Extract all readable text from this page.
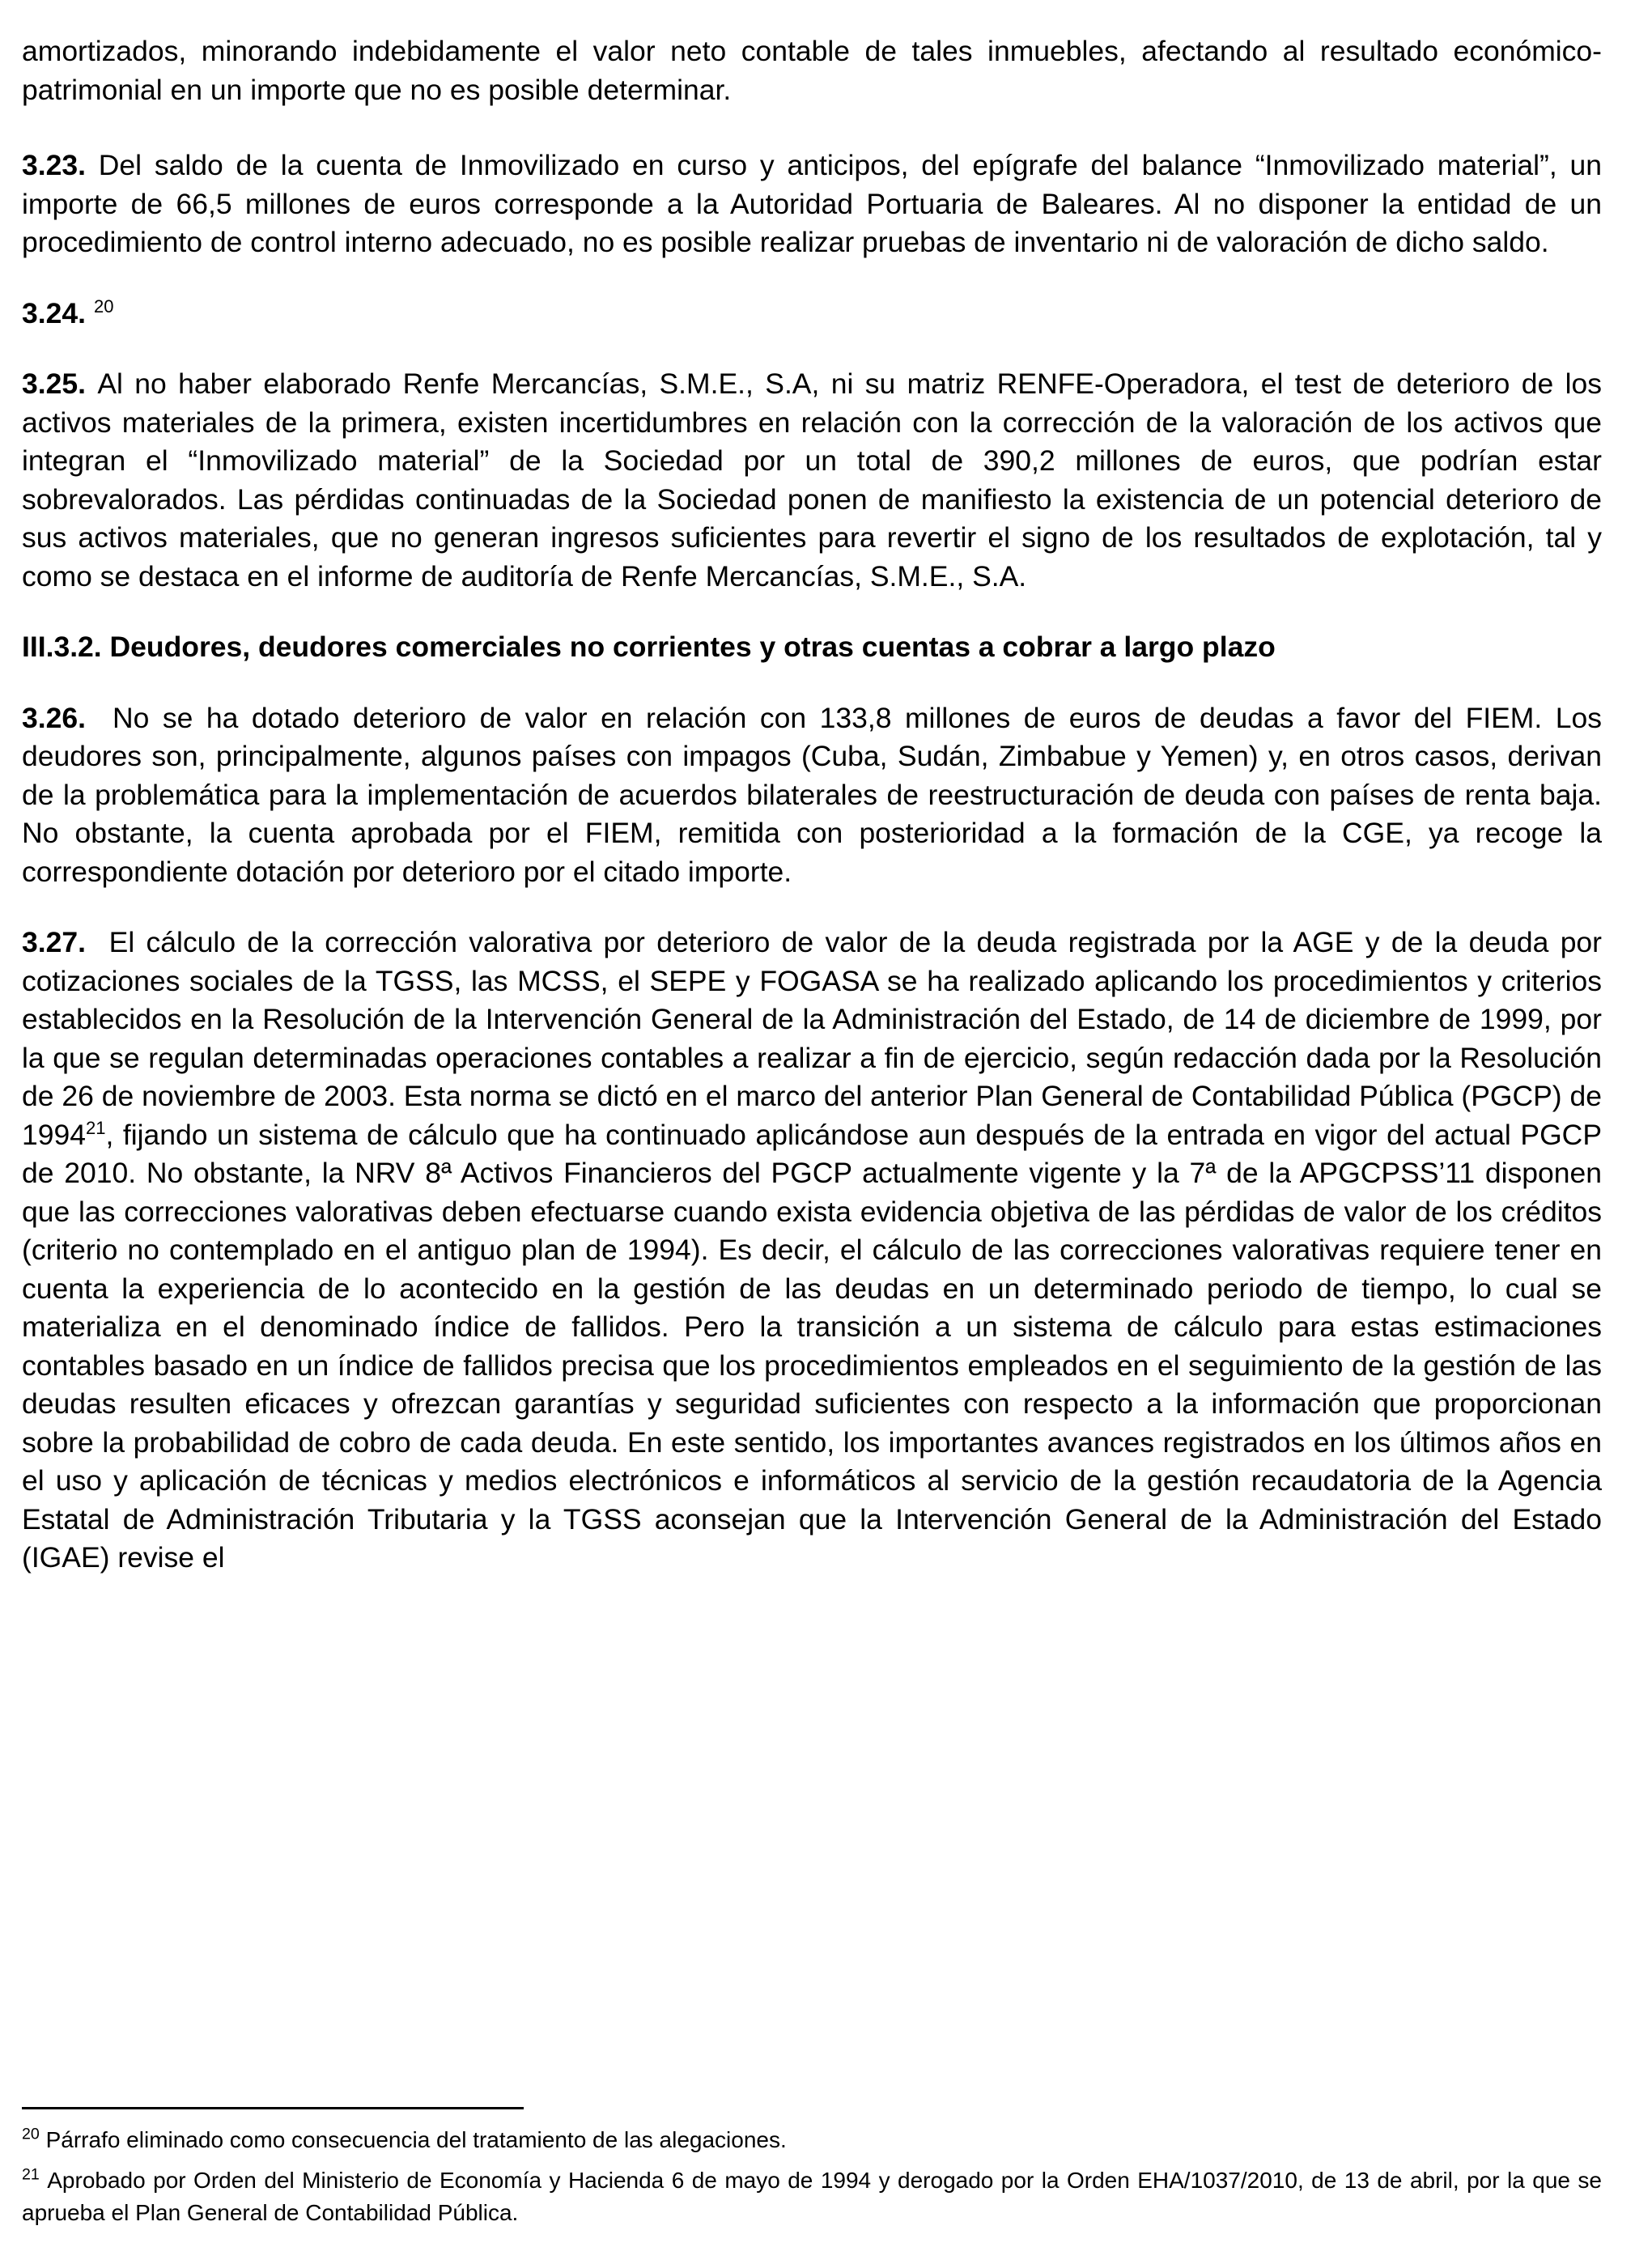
amortizados, minorando indebidamente el valor neto contable de tales inmuebles, afectando al resultado económico-patrimonial en un importe que no es posible determinar.

3.23. Del saldo de la cuenta de Inmovilizado en curso y anticipos, del epígrafe del balance “Inmovilizado material”, un importe de 66,5 millones de euros corresponde a la Autoridad Portuaria de Baleares. Al no disponer la entidad de un procedimiento de control interno adecuado, no es posible realizar pruebas de inventario ni de valoración de dicho saldo.

3.24. $^{20}$

3.25. Al no haber elaborado Renfe Mercancías, S.M.E., S.A, ni su matriz RENFE-Operadora, el test de deterioro de los activos materiales de la primera, existen incertidumbres en relación con la corrección de la valoración de los activos que integran el “Inmovilizado material” de la Sociedad por un total de 390,2 millones de euros, que podrían estar sobrevalorados. Las pérdidas continuadas de la Sociedad ponen de manifiesto la existencia de un potencial deterioro de sus activos materiales, que no generan ingresos suficientes para revertir el signo de los resultados de explotación, tal y como se destaca en el informe de auditoría de Renfe Mercancías, S.M.E., S.A.

III.3.2. Deudores, deudores comerciales no corrientes y otras cuentas a cobrar a largo plazo

3.26. No se ha dotado deterioro de valor en relación con 133,8 millones de euros de deudas a favor del FIEM. Los deudores son, principalmente, algunos países con impagos (Cuba, Sudán, Zimbabue y Yemen) y, en otros casos, derivan de la problemática para la implementación de acuerdos bilaterales de reestructuración de deuda con países de renta baja. No obstante, la cuenta aprobada por el FIEM, remitida con posterioridad a la formación de la CGE, ya recoge la correspondiente dotación por deterioro por el citado importe.

3.27. El cálculo de la corrección valorativa por deterioro de valor de la deuda registrada por la AGE y de la deuda por cotizaciones sociales de la TGSS, las MCSS, el SEPE y FOGASA se ha realizado aplicando los procedimientos y criterios establecidos en la Resolución de la Intervención General de la Administración del Estado, de 14 de diciembre de 1999, por la que se regulan determinadas operaciones contables a realizar a fin de ejercicio, según redacción dada por la Resolución de 26 de noviembre de 2003. Esta norma se dictó en el marco del anterior Plan General de Contabilidad Pública (PGCP) de 1994$^{21}$, fijando un sistema de cálculo que ha continuado aplicándose aun después de la entrada en vigor del actual PGCP de 2010. No obstante, la NRV 8ª Activos Financieros del PGCP actualmente vigente y la 7ª de la APGCPSS’11 disponen que las correcciones valorativas deben efectuarse cuando exista evidencia objetiva de las pérdidas de valor de los créditos (criterio no contemplado en el antiguo plan de 1994). Es decir, el cálculo de las correcciones valorativas requiere tener en cuenta la experiencia de lo acontecido en la gestión de las deudas en un determinado periodo de tiempo, lo cual se materializa en el denominado índice de fallidos. Pero la transición a un sistema de cálculo para estas estimaciones contables basado en un índice de fallidos precisa que los procedimientos empleados en el seguimiento de la gestión de las deudas resulten eficaces y ofrezcan garantías y seguridad suficientes con respecto a la información que proporcionan sobre la probabilidad de cobro de cada deuda. En este sentido, los importantes avances registrados en los últimos años en el uso y aplicación de técnicas y medios electrónicos e informáticos al servicio de la gestión recaudatoria de la Agencia Estatal de Administración Tributaria y la TGSS aconsejan que la Intervención General de la Administración del Estado (IGAE) revise el

$^{20}$ Párrafo eliminado como consecuencia del tratamiento de las alegaciones.

$^{21}$ Aprobado por Orden del Ministerio de Economía y Hacienda 6 de mayo de 1994 y derogado por la Orden EHA/1037/2010, de 13 de abril, por la que se aprueba el Plan General de Contabilidad Pública.
